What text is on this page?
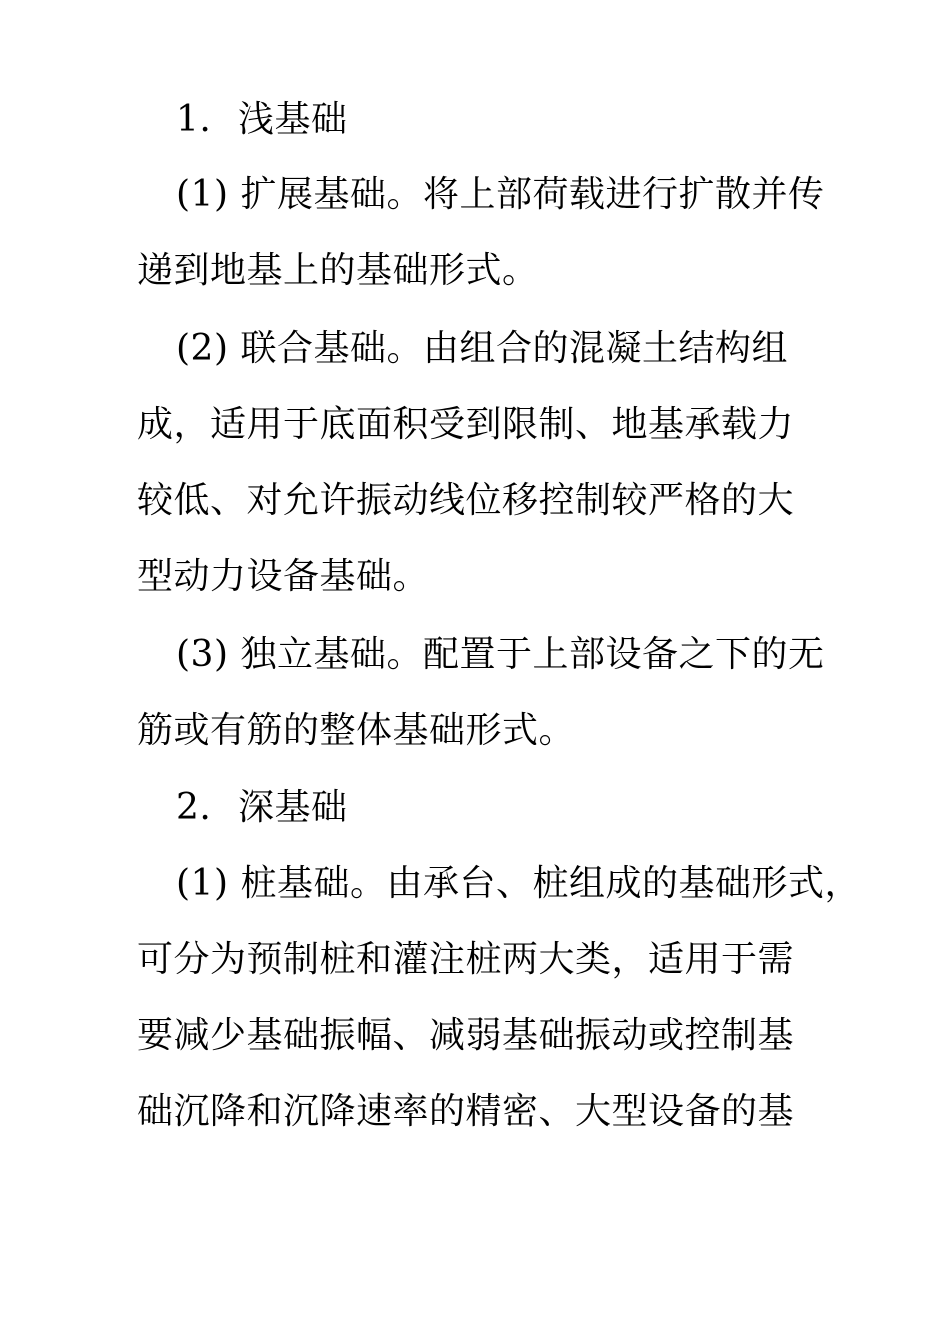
1. 浅基础
(1) 扩展基础。将上部荷载进行扩散并传
递到地基上的基础形式。
(2) 联合基础。由组合的混凝土结构组
成，适用于底面积受到限制、地基承载力
较低、对允许振动线位移控制较严格的大
型动力设备基础。
(3) 独立基础。配置于上部设备之下的无
筋或有筋的整体基础形式。
2. 深基础
(1) 桩基础。由承台、桩组成的基础形式，
可分为预制桩和灌注桩两大类，适用于需
要减少基础振幅、减弱基础振动或控制基
础沉降和沉降速率的精密、大型设备的基
